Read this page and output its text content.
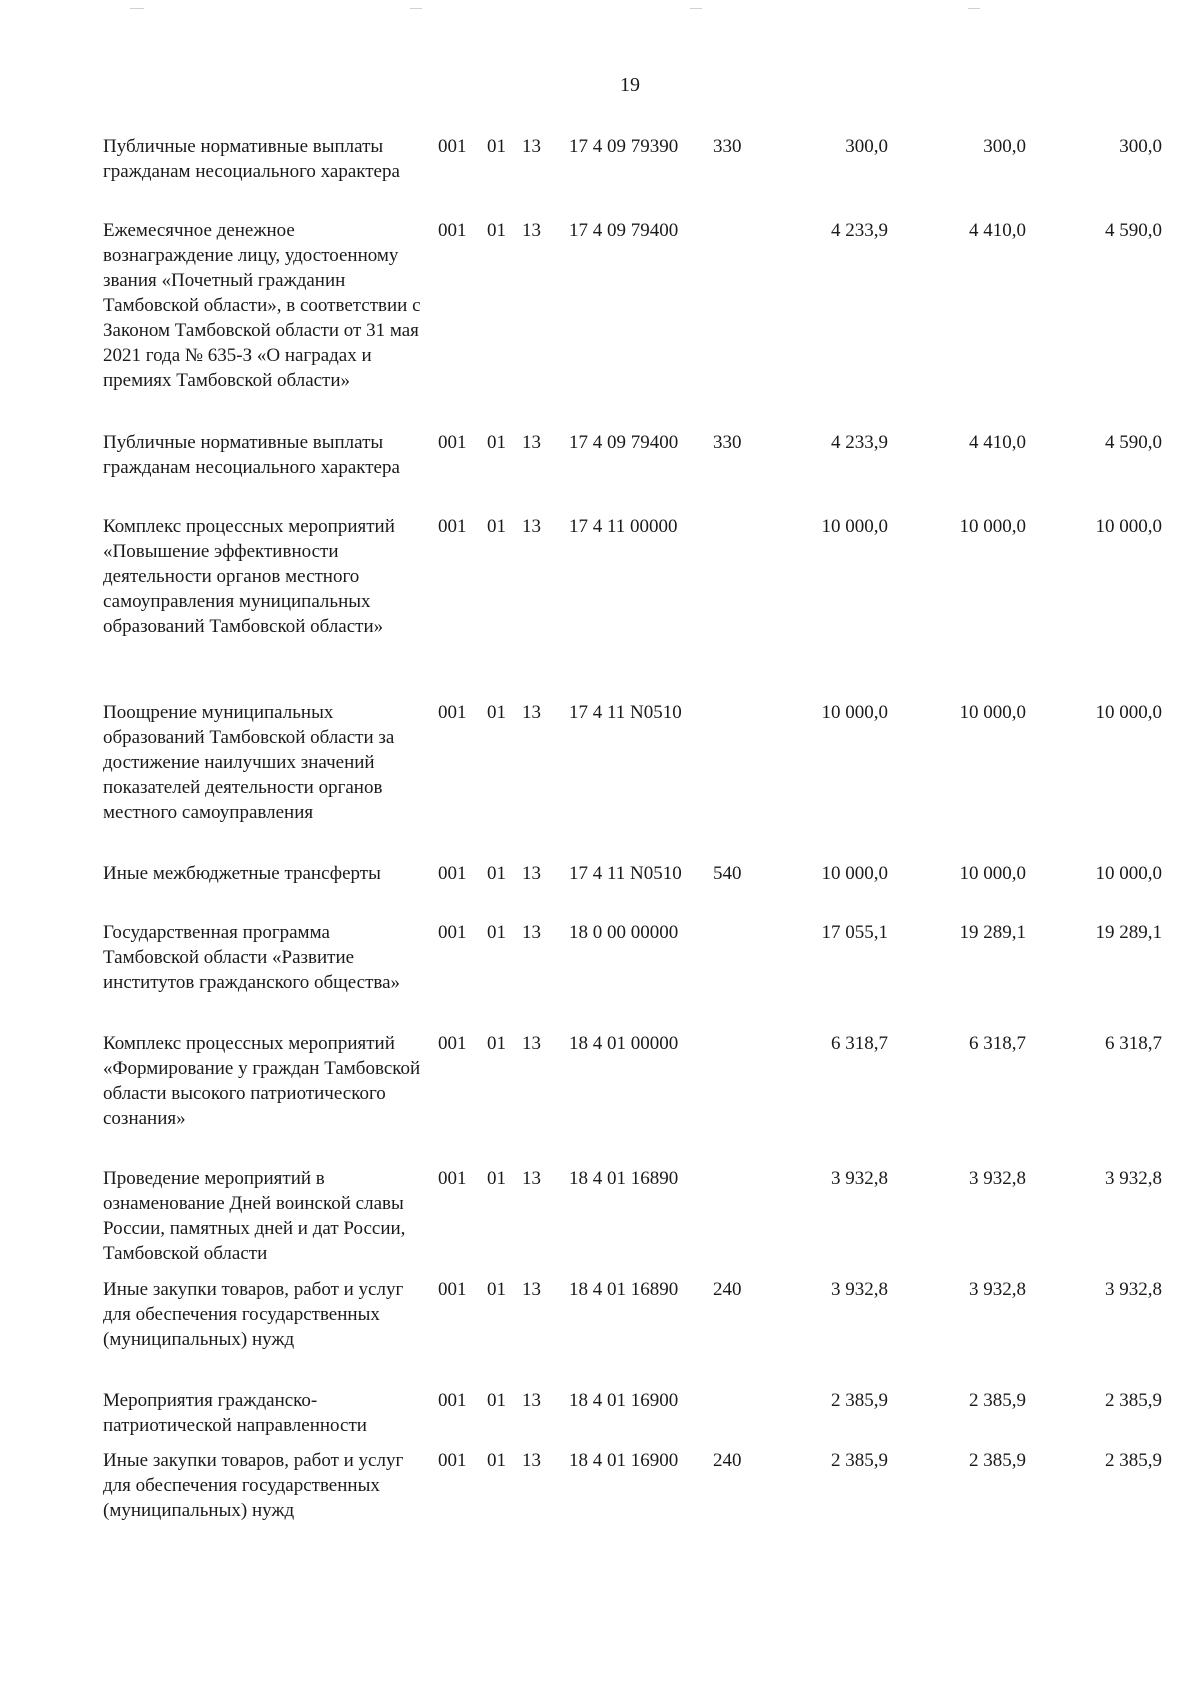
19
Публичные нормативные выплаты гражданам несоциального характера
001 01 13 17 4 09 79390 330	300,0	300,0	300,0
Ежемесячное денежное вознаграждение лицу, удостоенному звания «Почетный гражданин Тамбовской области», в соответствии с Законом Тамбовской области от 31 мая 2021 года № 635-З «О наградах и премиях Тамбовской области»
001 01 13 17 4 09 79400	4 233,9	4 410,0	4 590,0
Публичные нормативные выплаты гражданам несоциального характера
001 01 13 17 4 09 79400 330	4 233,9	4 410,0	4 590,0
Комплекс процессных мероприятий «Повышение эффективности деятельности органов местного самоуправления муниципальных образований Тамбовской области»
001 01 13 17 4 11 00000	10 000,0	10 000,0	10 000,0
Поощрение муниципальных образований Тамбовской области за достижение наилучших значений показателей деятельности органов местного самоуправления
001 01 13 17 4 11 N0510	10 000,0	10 000,0	10 000,0
Иные межбюджетные трансферты	001 01 13 17 4 11 N0510 540	10 000,0	10 000,0	10 000,0
Государственная программа Тамбовской области «Развитие институтов гражданского общества»
001 01 13 18 0 00 00000	17 055,1	19 289,1	19 289,1
Комплекс процессных мероприятий «Формирование у граждан Тамбовской области высокого патриотического сознания»
001 01 13 18 4 01 00000	6 318,7	6 318,7	6 318,7
Проведение мероприятий в ознаменование Дней воинской славы России, памятных дней и дат России, Тамбовской области
001 01 13 18 4 01 16890	3 932,8	3 932,8	3 932,8
Иные закупки товаров, работ и услуг для обеспечения государственных (муниципальных) нужд
001 01 13 18 4 01 16890 240	3 932,8	3 932,8	3 932,8
Мероприятия гражданско-патриотической направленности
001 01 13 18 4 01 16900	2 385,9	2 385,9	2 385,9
Иные закупки товаров, работ и услуг для обеспечения государственных (муниципальных) нужд
001 01 13 18 4 01 16900 240	2 385,9	2 385,9	2 385,9
